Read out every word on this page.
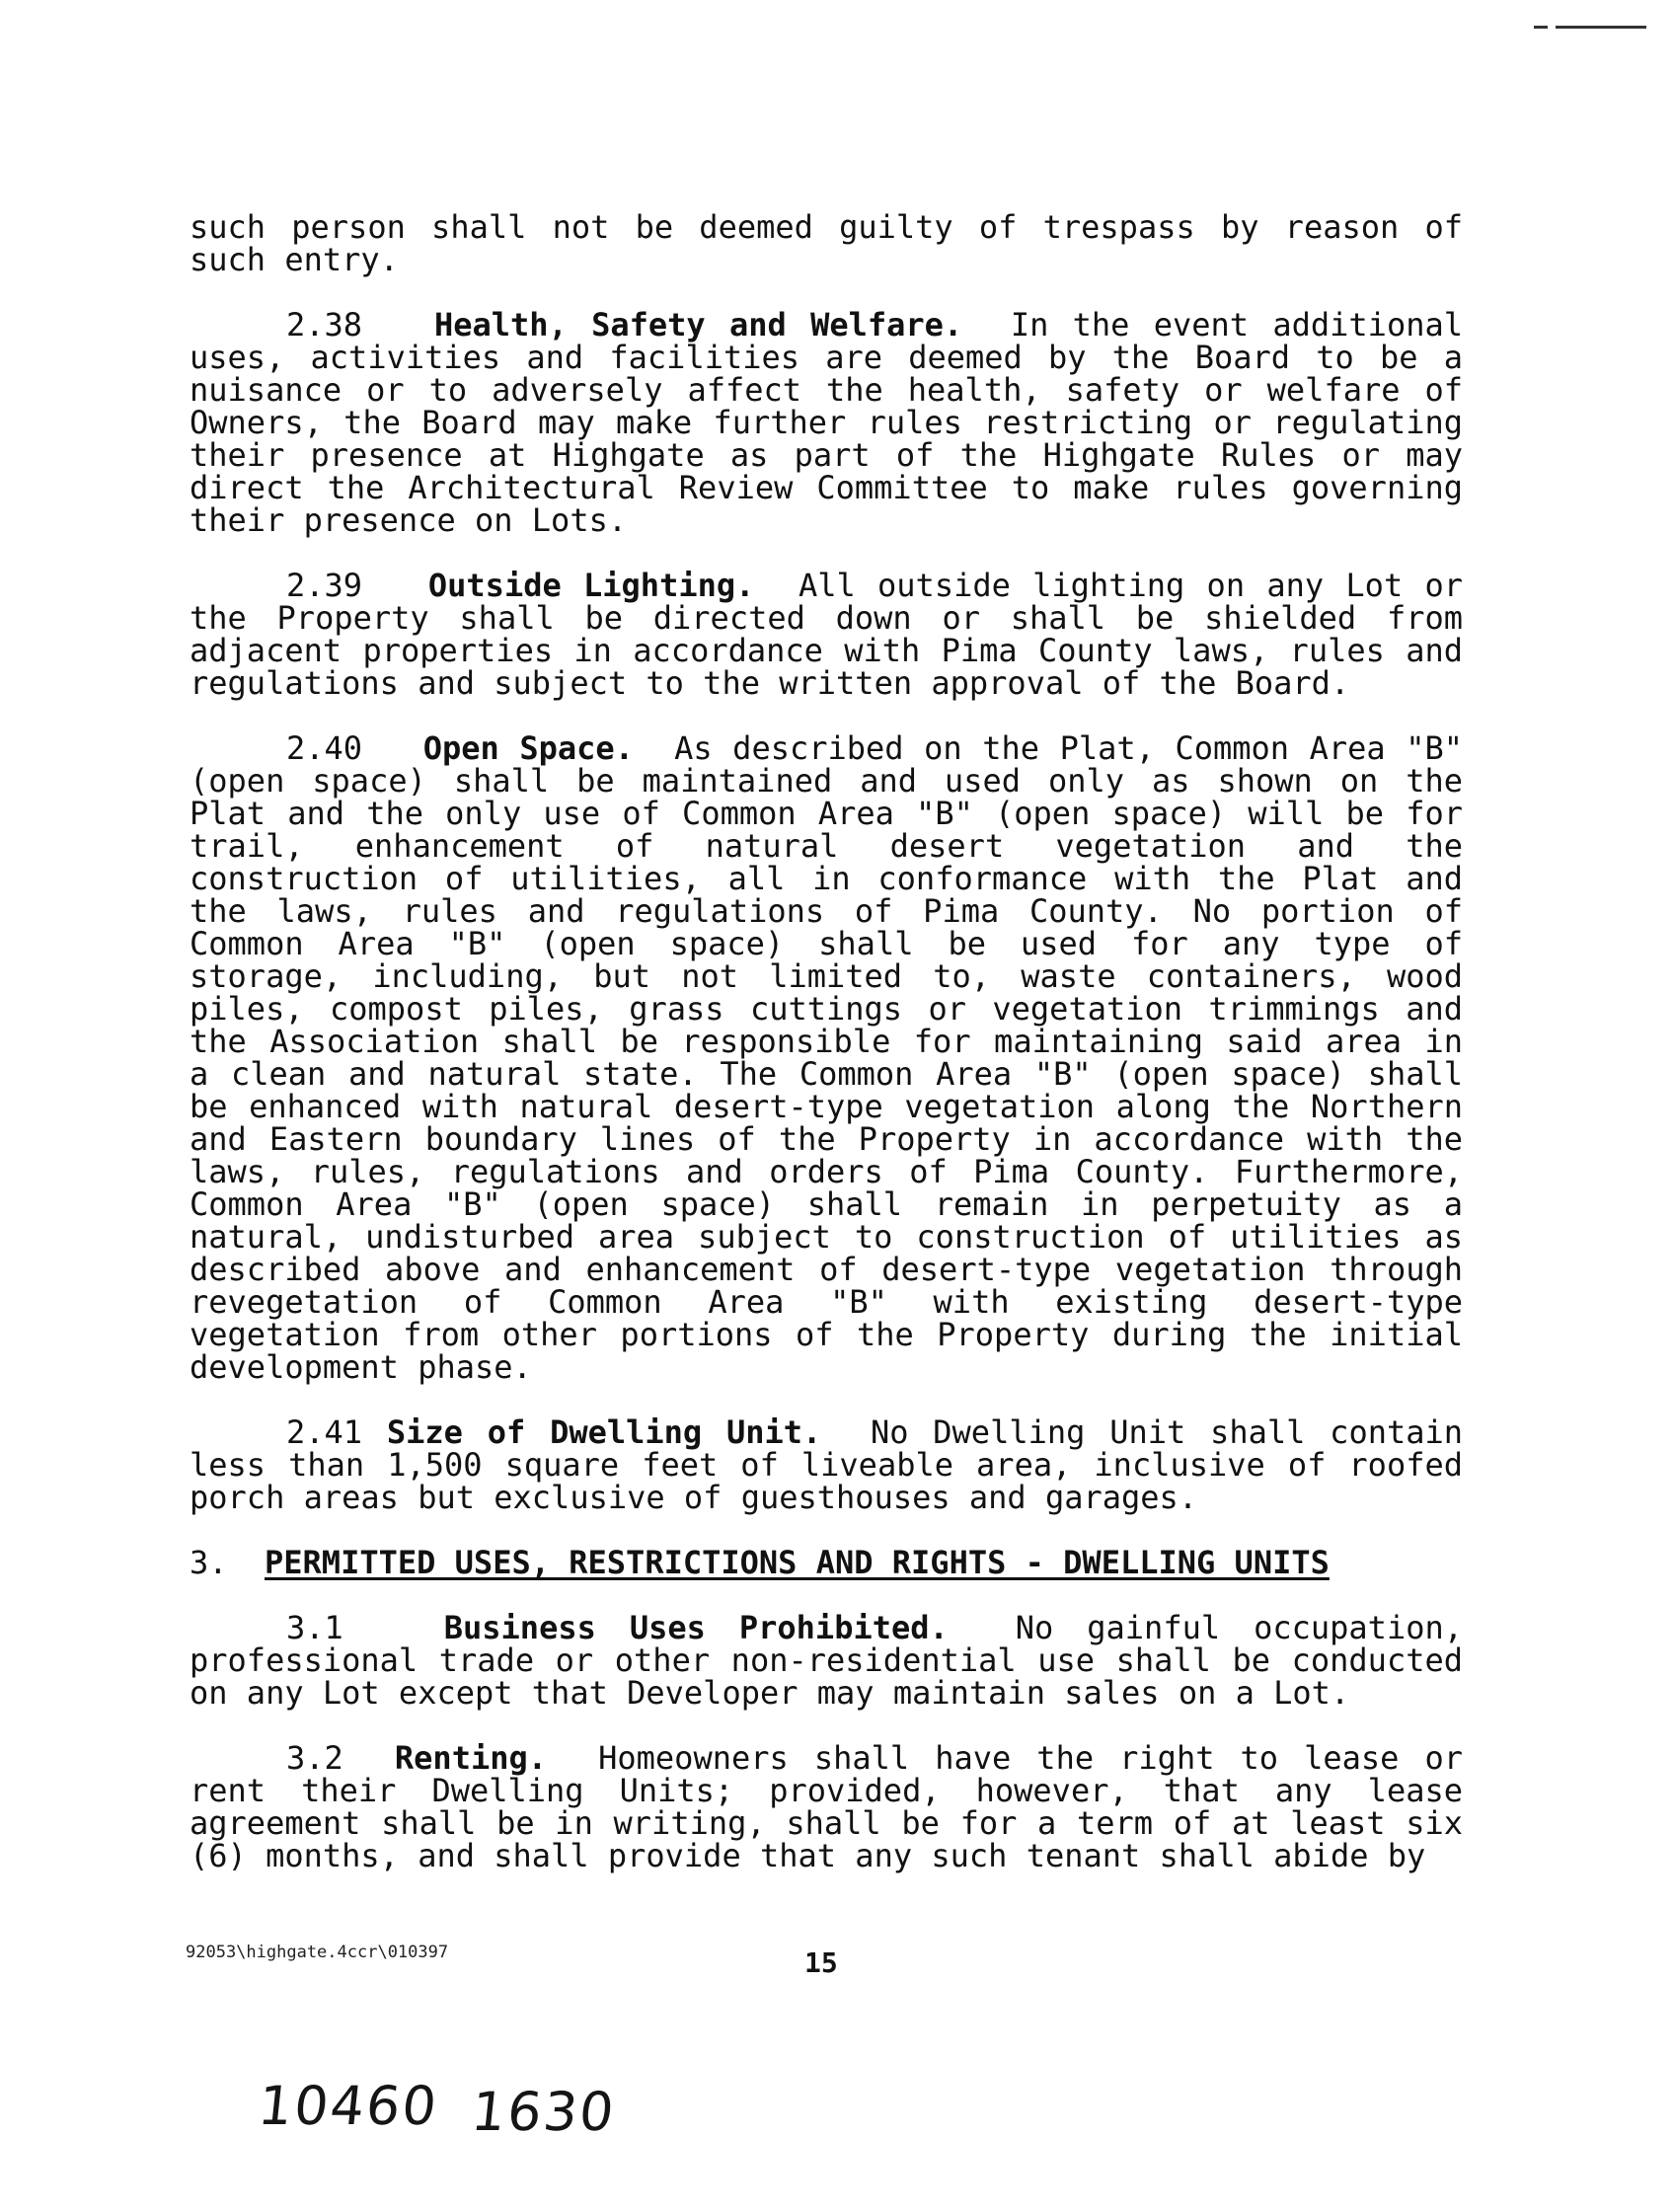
such person shall not be deemed guilty of trespass by reason of such entry.

2.38 Health, Safety and Welfare. In the event additional uses, activities and facilities are deemed by the Board to be a nuisance or to adversely affect the health, safety or welfare of Owners, the Board may make further rules restricting or regulating their presence at Highgate as part of the Highgate Rules or may direct the Architectural Review Committee to make rules governing their presence on Lots.

2.39 Outside Lighting. All outside lighting on any Lot or the Property shall be directed down or shall be shielded from adjacent properties in accordance with Pima County laws, rules and regulations and subject to the written approval of the Board.

2.40 Open Space. As described on the Plat, Common Area "B" (open space) shall be maintained and used only as shown on the Plat and the only use of Common Area "B" (open space) will be for trail, enhancement of natural desert vegetation and the construction of utilities, all in conformance with the Plat and the laws, rules and regulations of Pima County. No portion of Common Area "B" (open space) shall be used for any type of storage, including, but not limited to, waste containers, wood piles, compost piles, grass cuttings or vegetation trimmings and the Association shall be responsible for maintaining said area in a clean and natural state. The Common Area "B" (open space) shall be enhanced with natural desert-type vegetation along the Northern and Eastern boundary lines of the Property in accordance with the laws, rules, regulations and orders of Pima County. Furthermore, Common Area "B" (open space) shall remain in perpetuity as a natural, undisturbed area subject to construction of utilities as described above and enhancement of desert-type vegetation through revegetation of Common Area "B" with existing desert-type vegetation from other portions of the Property during the initial development phase.

2.41 Size of Dwelling Unit. No Dwelling Unit shall contain less than 1,500 square feet of liveable area, inclusive of roofed porch areas but exclusive of guesthouses and garages.

3. PERMITTED USES, RESTRICTIONS AND RIGHTS - DWELLING UNITS

3.1	Business Uses Prohibited. No gainful occupation, professional trade or other non-residential use shall be conducted on any Lot except that Developer may maintain sales on a Lot.

3.2 Renting. Homeowners shall have the right to lease or rent their Dwelling Units; provided, however, that any lease agreement shall be in writing, shall be for a term of at least six (6) months, and shall provide that any such tenant shall abide by

92053\highgate.4ccr\010397	15
10460 1630
